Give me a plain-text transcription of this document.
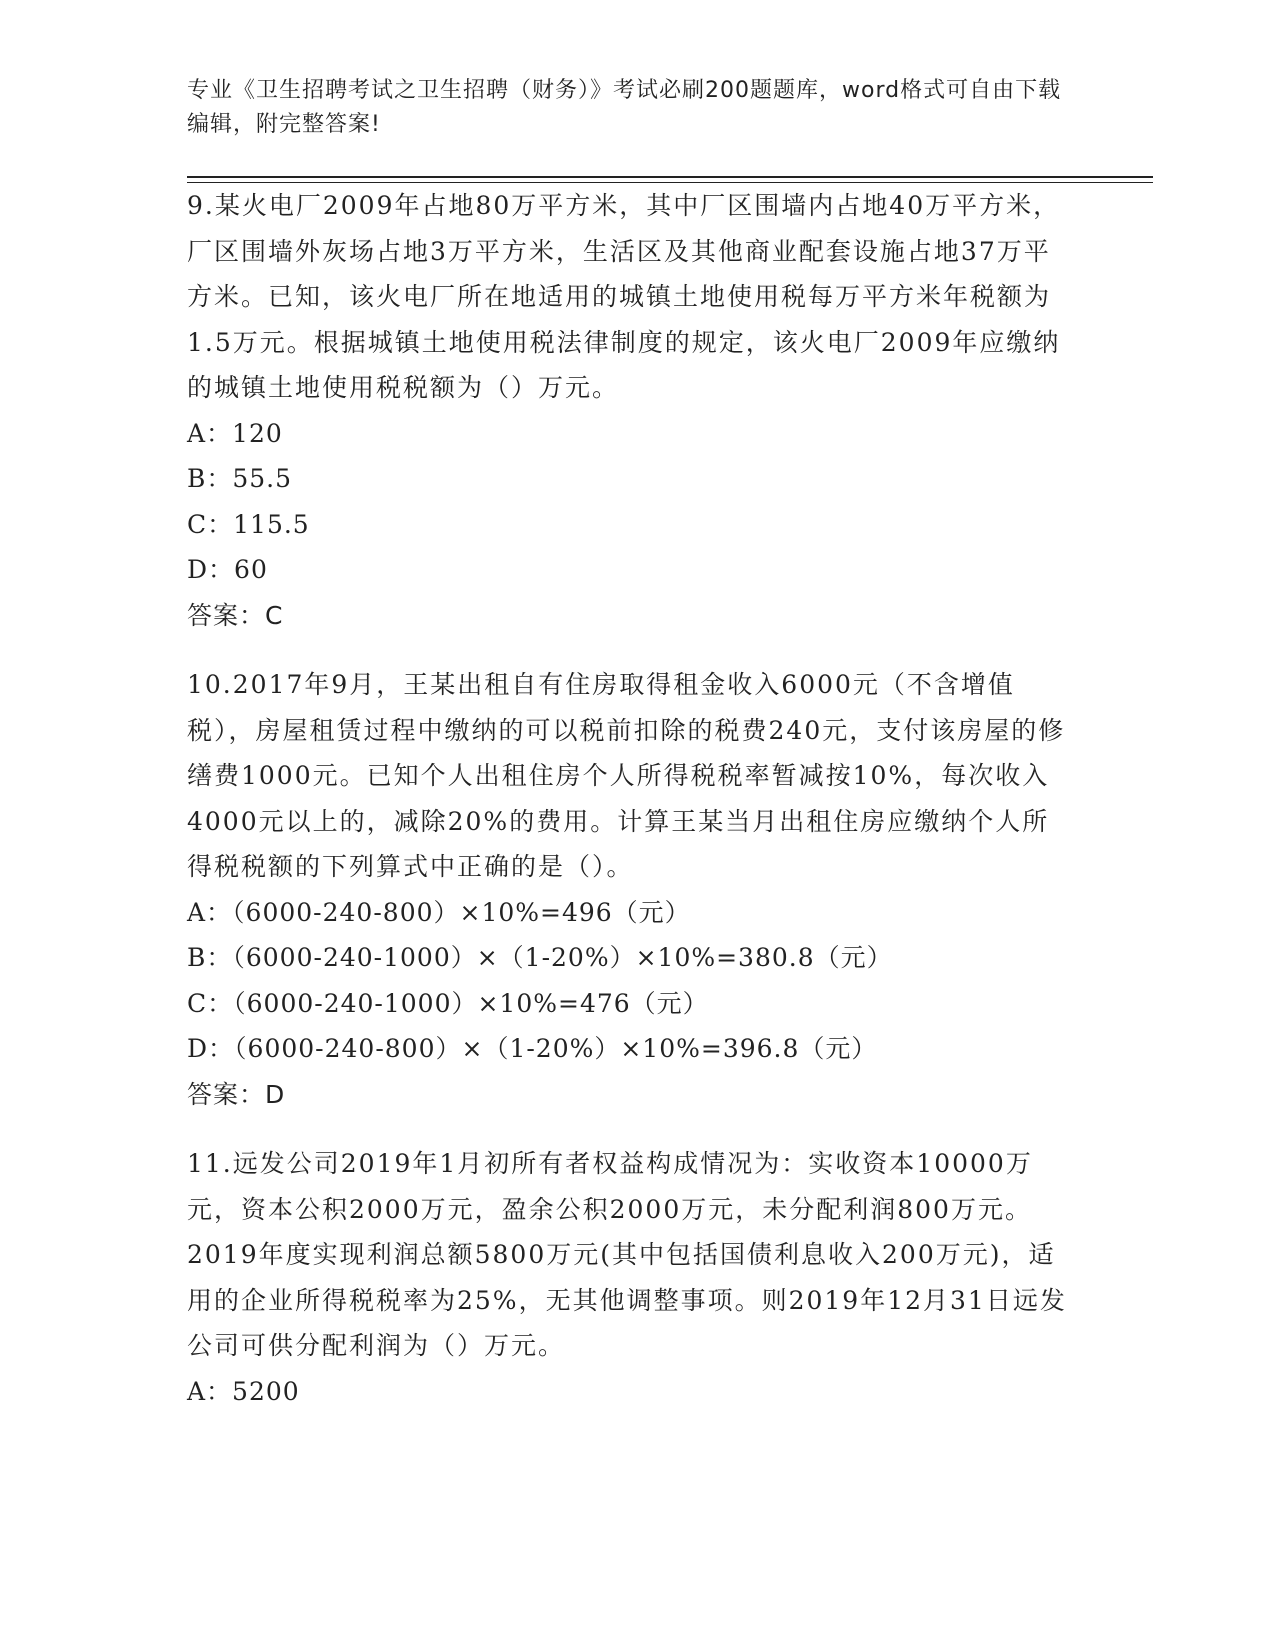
专业《卫生招聘考试之卫生招聘（财务）》考试必刷200题题库，word格式可自由下载编辑，附完整答案!

9.某火电厂2009年占地80万平方米，其中厂区围墙内占地40万平方米，厂区围墙外灰场占地3万平方米，生活区及其他商业配套设施占地37万平方米。已知，该火电厂所在地适用的城镇土地使用税每万平方米年税额为1.5万元。根据城镇土地使用税法律制度的规定，该火电厂2009年应缴纳的城镇土地使用税税额为（）万元。

A：120

B：55.5

C：115.5

D：60

答案：C

10.2017年9月，王某出租自有住房取得租金收入6000元（不含增值税），房屋租赁过程中缴纳的可以税前扣除的税费240元，支付该房屋的修缮费1000元。已知个人出租住房个人所得税税率暂减按10%，每次收入4000元以上的，减除20%的费用。计算王某当月出租住房应缴纳个人所得税税额的下列算式中正确的是（）。

A：（6000-240-800）×10%=496（元）

B：（6000-240-1000）×（1-20%）×10%=380.8（元）

C：（6000-240-1000）×10%=476（元）

D：（6000-240-800）×（1-20%）×10%=396.8（元）

答案：D

11.远发公司2019年1月初所有者权益构成情况为：实收资本10000万元，资本公积2000万元，盈余公积2000万元，未分配利润800万元。2019年度实现利润总额5800万元(其中包括国债利息收入200万元)，适用的企业所得税税率为25%，无其他调整事项。则2019年12月31日远发公司可供分配利润为（）万元。

A：5200
